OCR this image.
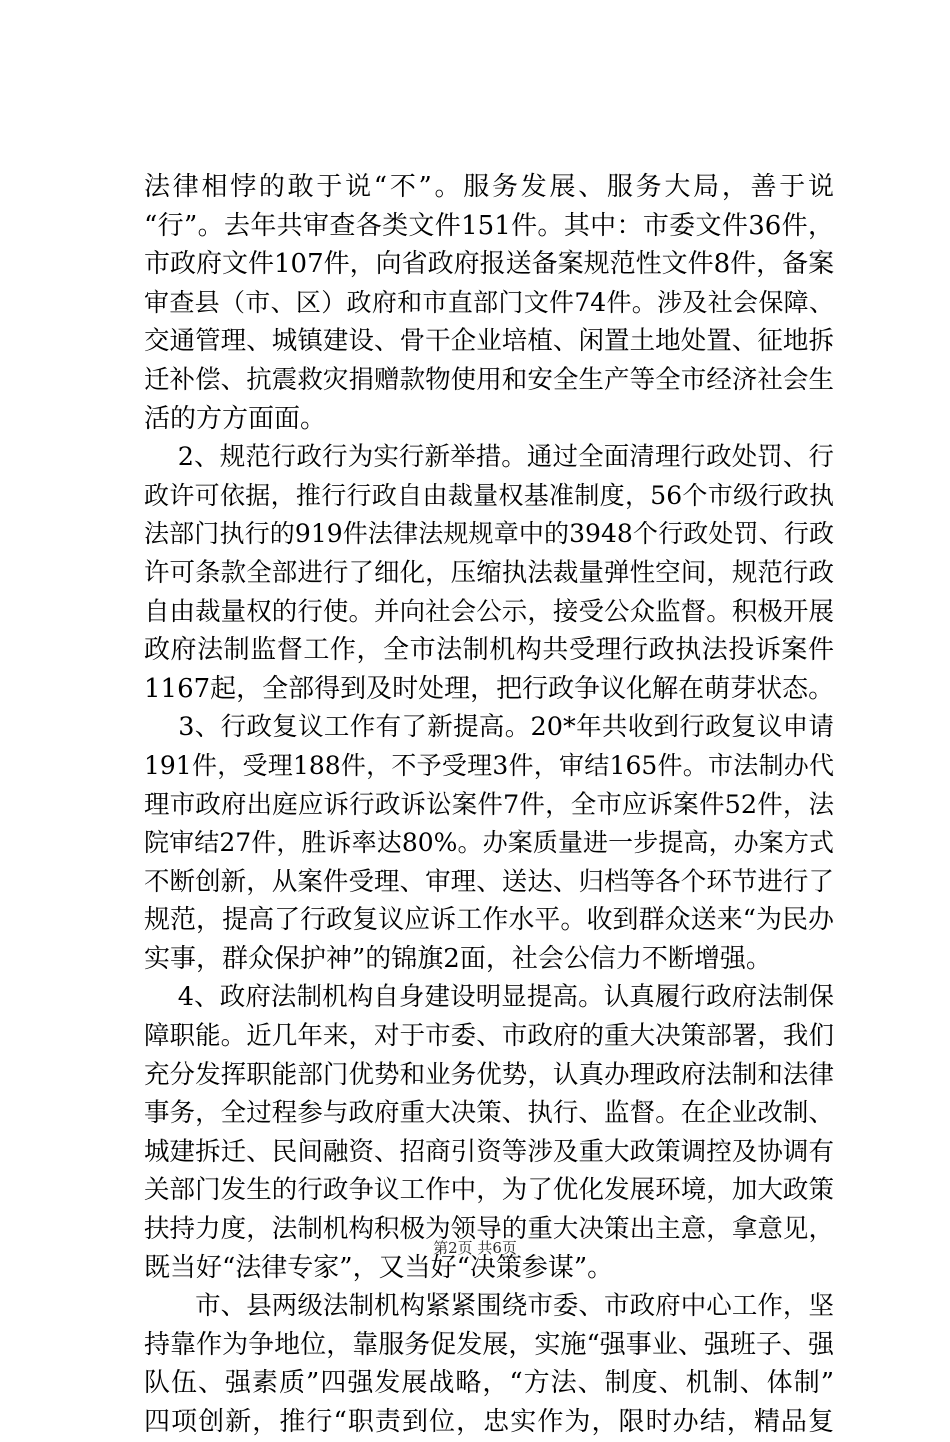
法律相悖的敢于说“不”。服务发展、服务大局，善于说
“行”。去年共审查各类文件151件。其中：市委文件36件，
市政府文件107件，向省政府报送备案规范性文件8件，备案
审查县（市、区）政府和市直部门文件74件。涉及社会保障、
交通管理、城镇建设、骨干企业培植、闲置土地处置、征地拆
迁补偿、抗震救灾捐赠款物使用和安全生产等全市经济社会生
活的方方面面。
　 2、规范行政行为实行新举措。通过全面清理行政处罚、行
政许可依据，推行行政自由裁量权基准制度，56个市级行政执
法部门执行的919件法律法规规章中的3948个行政处罚、行政
许可条款全部进行了细化，压缩执法裁量弹性空间，规范行政
自由裁量权的行使。并向社会公示，接受公众监督。积极开展
政府法制监督工作，全市法制机构共受理行政执法投诉案件
1167起，全部得到及时处理，把行政争议化解在萌芽状态。
　 3、行政复议工作有了新提高。20*年共收到行政复议申请
191件，受理188件，不予受理3件，审结165件。市法制办代
理市政府出庭应诉行政诉讼案件7件，全市应诉案件52件，法
院审结27件，胜诉率达80%。办案质量进一步提高，办案方式
不断创新，从案件受理、审理、送达、归档等各个环节进行了
规范，提高了行政复议应诉工作水平。收到群众送来“为民办
实事，群众保护神”的锦旗2面，社会公信力不断增强。
　 4、政府法制机构自身建设明显提高。认真履行政府法制保
障职能。近几年来，对于市委、市政府的重大决策部署，我们
充分发挥职能部门优势和业务优势，认真办理政府法制和法律
事务，全过程参与政府重大决策、执行、监督。在企业改制、
城建拆迁、民间融资、招商引资等涉及重大政策调控及协调有
关部门发生的行政争议工作中，为了优化发展环境，加大政策
扶持力度，法制机构积极为领导的重大决策出主意，拿意见，
既当好“法律专家”，又当好“决策参谋”。
　　市、县两级法制机构紧紧围绕市委、市政府中心工作，坚
持靠作为争地位，靠服务促发展，实施“强事业、强班子、强
队伍、强素质”四强发展战略，“方法、制度、机制、体制”
四项创新，推行“职责到位，忠实作为，限时办结，精品复
第2页 共6页
